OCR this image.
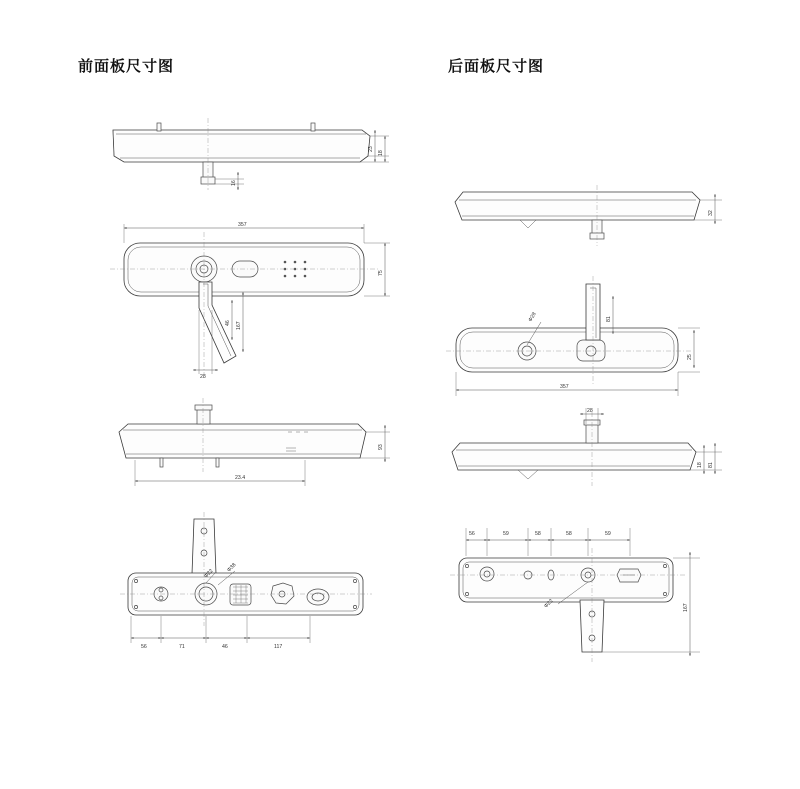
前面板尺寸图	后面板尺寸图
23
18
16
357
75
46 167
28
93
23.4
Φ38
Φ22
56	71	46	117
32
Φ28	81
25
357
28
18 81
Φ22
56	59	58	58	59
167
